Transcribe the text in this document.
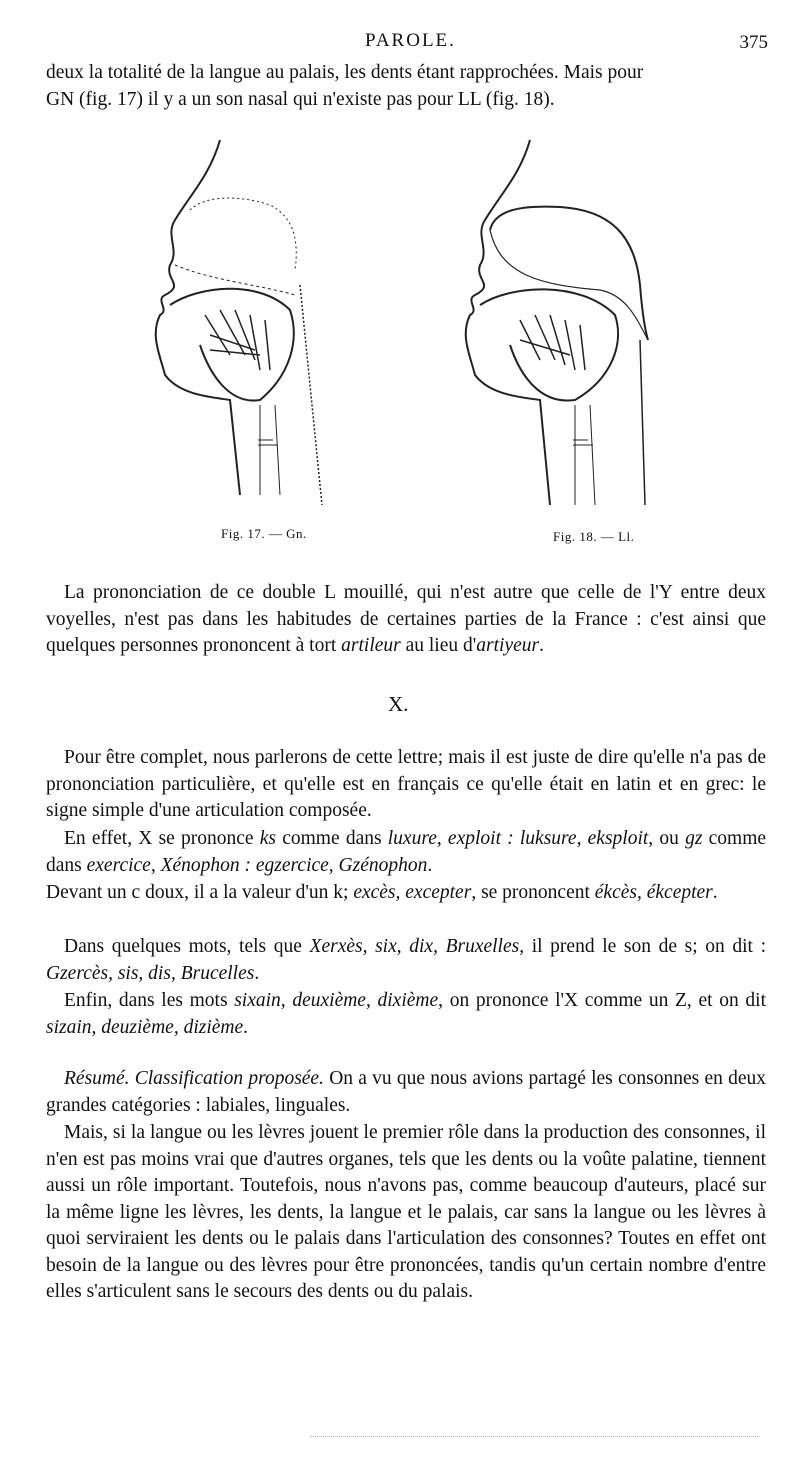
PAROLE.	375

deux la totalité de la langue au palais, les dents étant rapprochées. Mais pour
GN (fig. 17) il y a un son nasal qui n'existe pas pour LL (fig. 18).

Fig. 17. — Gn.	Fig. 18. — Ll.

La prononciation de ce double L mouillé, qui n'est autre que celle de l'Y entre deux voyelles, n'est pas dans les habitudes de certaines parties de la France : c'est ainsi que quelques personnes prononcent à tort artileur au lieu d'artiyeur.

X.

Pour être complet, nous parlerons de cette lettre; mais il est juste de dire qu'elle n'a pas de prononciation particulière, et qu'elle est en français ce qu'elle était en latin et en grec: le signe simple d'une articulation composée.

En effet, X se prononce ks comme dans luxure, exploit : luksure, eksploit, ou gz comme dans exercice, Xénophon : egzercice, Gzénophon.

Devant un c doux, il a la valeur d'un k; excès, excepter, se prononcent ékcès, ékcepter.

Dans quelques mots, tels que Xerxès, six, dix, Bruxelles, il prend le son de s; on dit : Gzercès, sis, dis, Brucelles.

Enfin, dans les mots sixain, deuxième, dixième, on prononce l'X comme un Z, et on dit sizain, deuzième, dizième.

Résumé. Classification proposée. On a vu que nous avions partagé les consonnes en deux grandes catégories : labiales, linguales.

Mais, si la langue ou les lèvres jouent le premier rôle dans la production des consonnes, il n'en est pas moins vrai que d'autres organes, tels que les dents ou la voûte palatine, tiennent aussi un rôle important. Toutefois, nous n'avons pas, comme beaucoup d'auteurs, placé sur la même ligne les lèvres, les dents, la langue et le palais, car sans la langue ou les lèvres à quoi serviraient les dents ou le palais dans l'articulation des consonnes? Toutes en effet ont besoin de la langue ou des lèvres pour être prononcées, tandis qu'un certain nombre d'entre elles s'articulent sans le secours des dents ou du palais.
